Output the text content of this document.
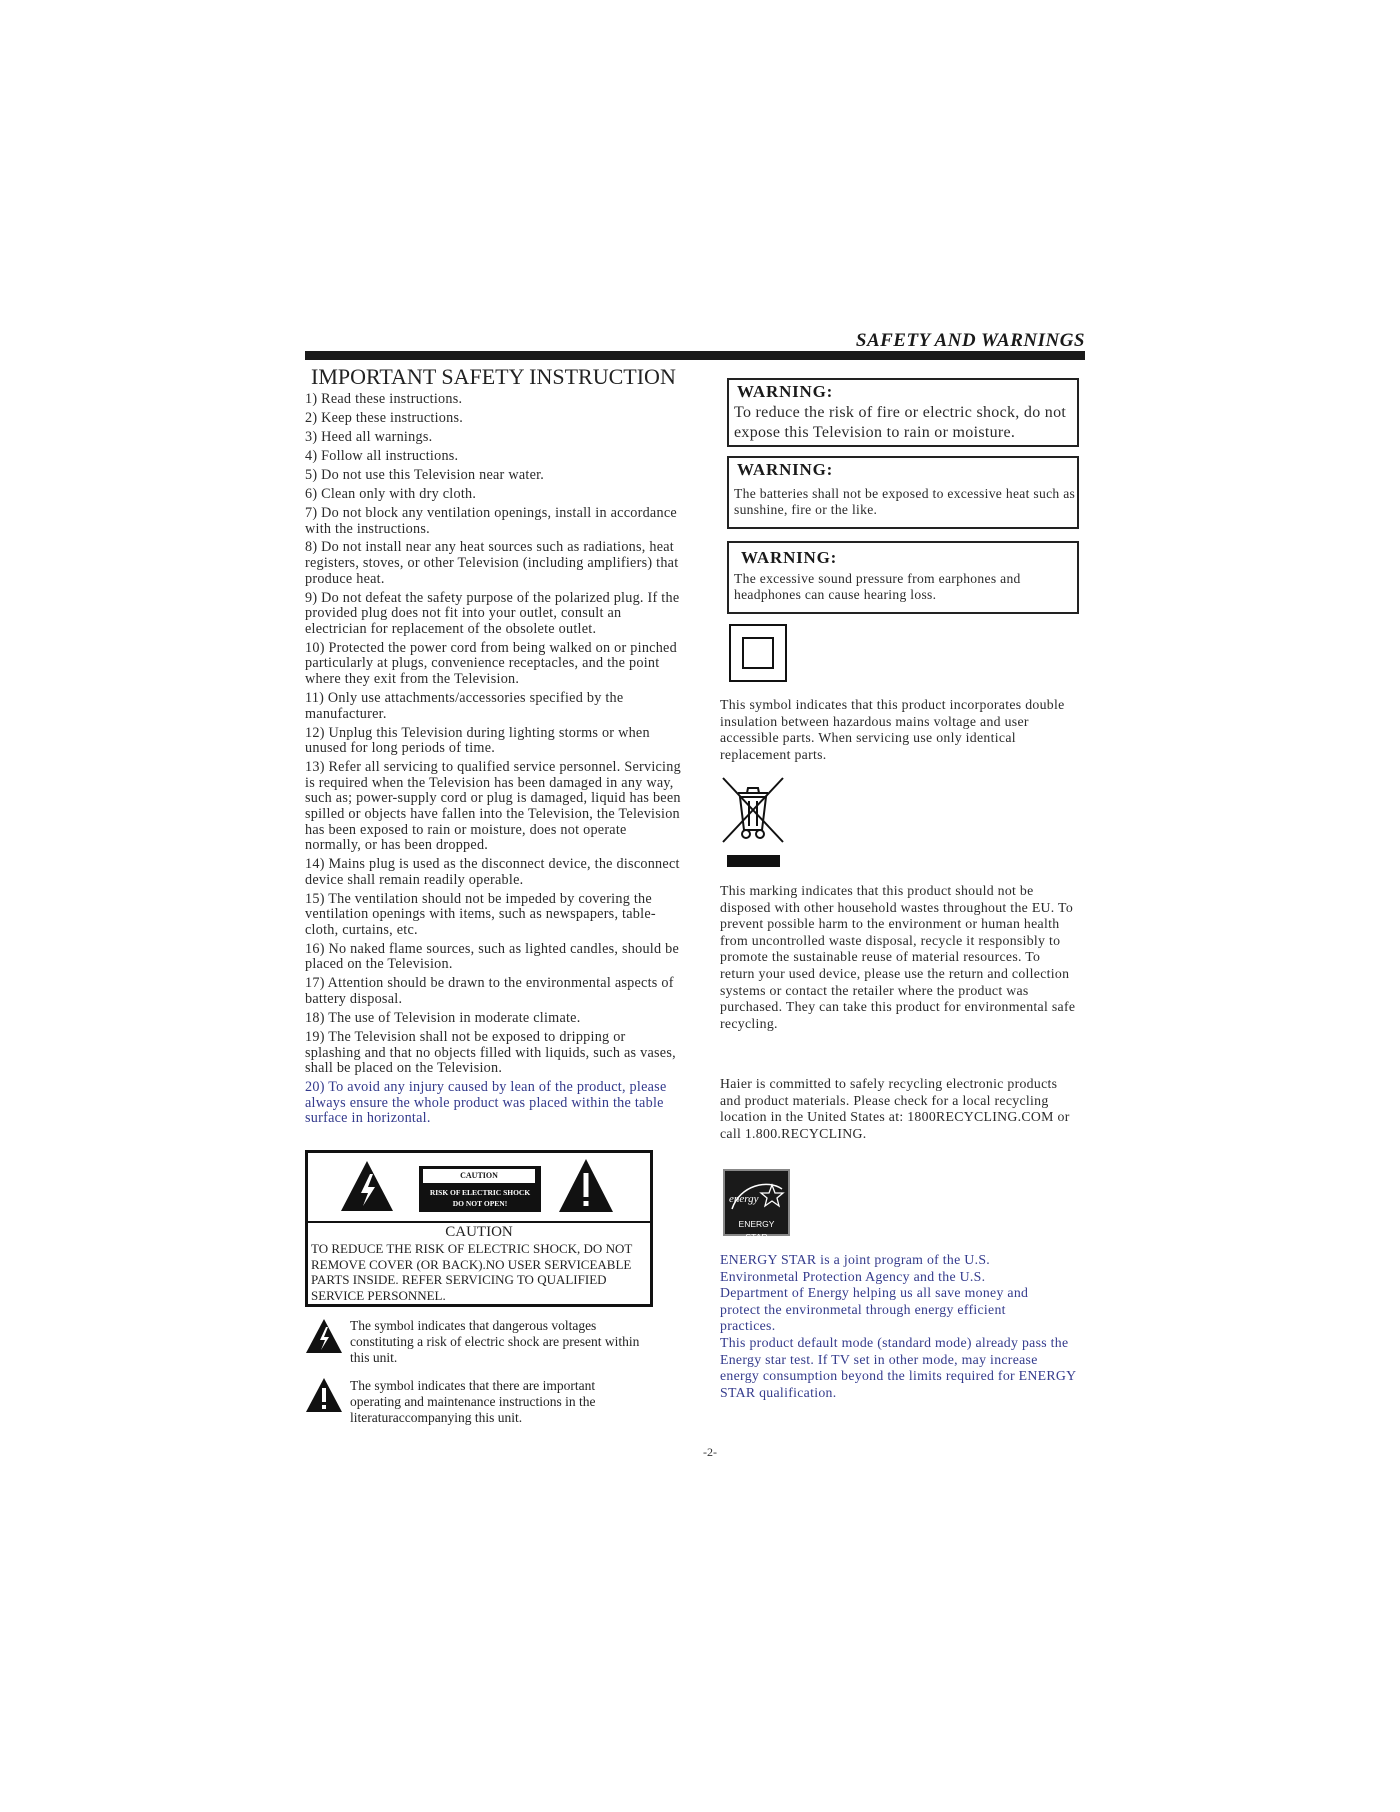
SAFETY AND WARNINGS
IMPORTANT SAFETY INSTRUCTION
1) Read these instructions.
2) Keep these instructions.
3) Heed all warnings.
4) Follow all instructions.
5) Do not use this Television near water.
6) Clean only with dry cloth.
7) Do not block any ventilation openings, install in accordance with the instructions.
8) Do not install near any heat sources such as radiations, heat registers, stoves, or other Television (including amplifiers) that produce heat.
9) Do not defeat the safety purpose of the polarized plug. If the provided plug does not fit into your outlet, consult an electrician for replacement of the obsolete outlet.
10) Protected the power cord from being walked on or pinched particularly at plugs, convenience receptacles, and the point where they exit from the Television.
11) Only use attachments/accessories specified by the manufacturer.
12) Unplug this Television during lighting storms or when unused for long periods of time.
13) Refer all servicing to qualified service personnel. Servicing is required when the Television has been damaged in any way, such as; power-supply cord or plug is damaged, liquid has been spilled or objects have fallen into the Television, the Television has been exposed to rain or moisture, does not operate normally, or has been dropped.
14) Mains plug is used as the disconnect device, the disconnect device shall remain readily operable.
15) The ventilation should not be impeded by covering the ventilation openings with items, such as newspapers, table-cloth, curtains, etc.
16) No naked flame sources, such as lighted candles, should be placed on the Television.
17) Attention should be drawn to the environmental aspects of battery disposal.
18) The use of Television in moderate climate.
19) The Television shall not be exposed to dripping or splashing and that no objects filled with liquids, such as vases, shall be placed on the Television.
20) To avoid any injury caused by lean of the product, please always ensure the whole product was placed within the table surface in horizontal.
CAUTION
RISK OF ELECTRIC SHOCK
DO NOT OPEN!
CAUTION
TO REDUCE THE RISK OF ELECTRIC SHOCK, DO NOT REMOVE COVER (OR BACK).NO USER SERVICEABLE PARTS INSIDE. REFER SERVICING TO QUALIFIED SERVICE PERSONNEL.
The symbol indicates that dangerous voltages constituting a risk of electric shock are present within this unit.
The symbol indicates that there are important operating and maintenance instructions in the literaturaccompanying this unit.
-2-
WARNING:
To reduce the risk of fire or electric shock, do not expose this Television to rain or moisture.
WARNING:
The batteries shall not be exposed to excessive heat such as sunshine, fire or the like.
WARNING:
The excessive sound pressure from earphones and headphones can cause hearing loss.
This symbol indicates that this product incorporates double insulation between hazardous mains voltage and user accessible parts. When servicing use only identical replacement parts.
This marking indicates that this product should not be disposed with other household wastes throughout the EU. To prevent possible harm to the environment or human health from uncontrolled waste disposal, recycle it responsibly to promote the sustainable reuse of material resources. To return your used device, please use the return and collection systems or contact the retailer where the product was purchased. They can take this product for environmental safe recycling.
Haier is committed to safely recycling electronic products and product materials. Please check for a local recycling location in the United States at: 1800RECYCLING.COM or call 1.800.RECYCLING.
energy
ENERGY STAR
ENERGY STAR is a joint program of the U.S. Environmetal Protection Agency and the U.S. Department of Energy helping us all save money and protect the environmetal through energy efficient practices.
This product default mode (standard mode) already pass the Energy star test. If TV set in other mode, may increase energy consumption beyond the limits required for ENERGY STAR qualification.
